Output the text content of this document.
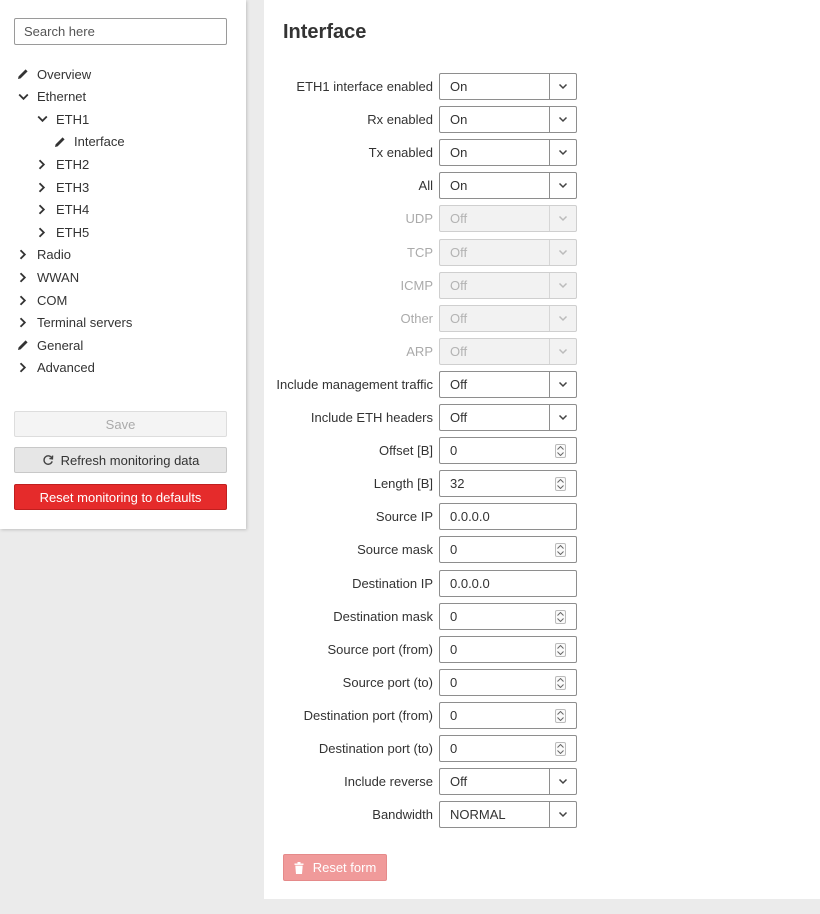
Search here
Overview
Ethernet
ETH1
Interface
ETH2
ETH3
ETH4
ETH5
Radio
WWAN
COM
Terminal servers
General
Advanced
Save
Refresh monitoring data
Reset monitoring to defaults
Interface
ETH1 interface enabled On
Rx enabled On
Tx enabled On
All On
UDP Off
TCP Off
ICMP Off
Other Off
ARP Off
Include management traffic Off
Include ETH headers Off
Offset [B] 0
Length [B] 32
Source IP 0.0.0.0
Source mask 0
Destination IP 0.0.0.0
Destination mask 0
Source port (from) 0
Source port (to) 0
Destination port (from) 0
Destination port (to) 0
Include reverse Off
Bandwidth NORMAL
Reset form
